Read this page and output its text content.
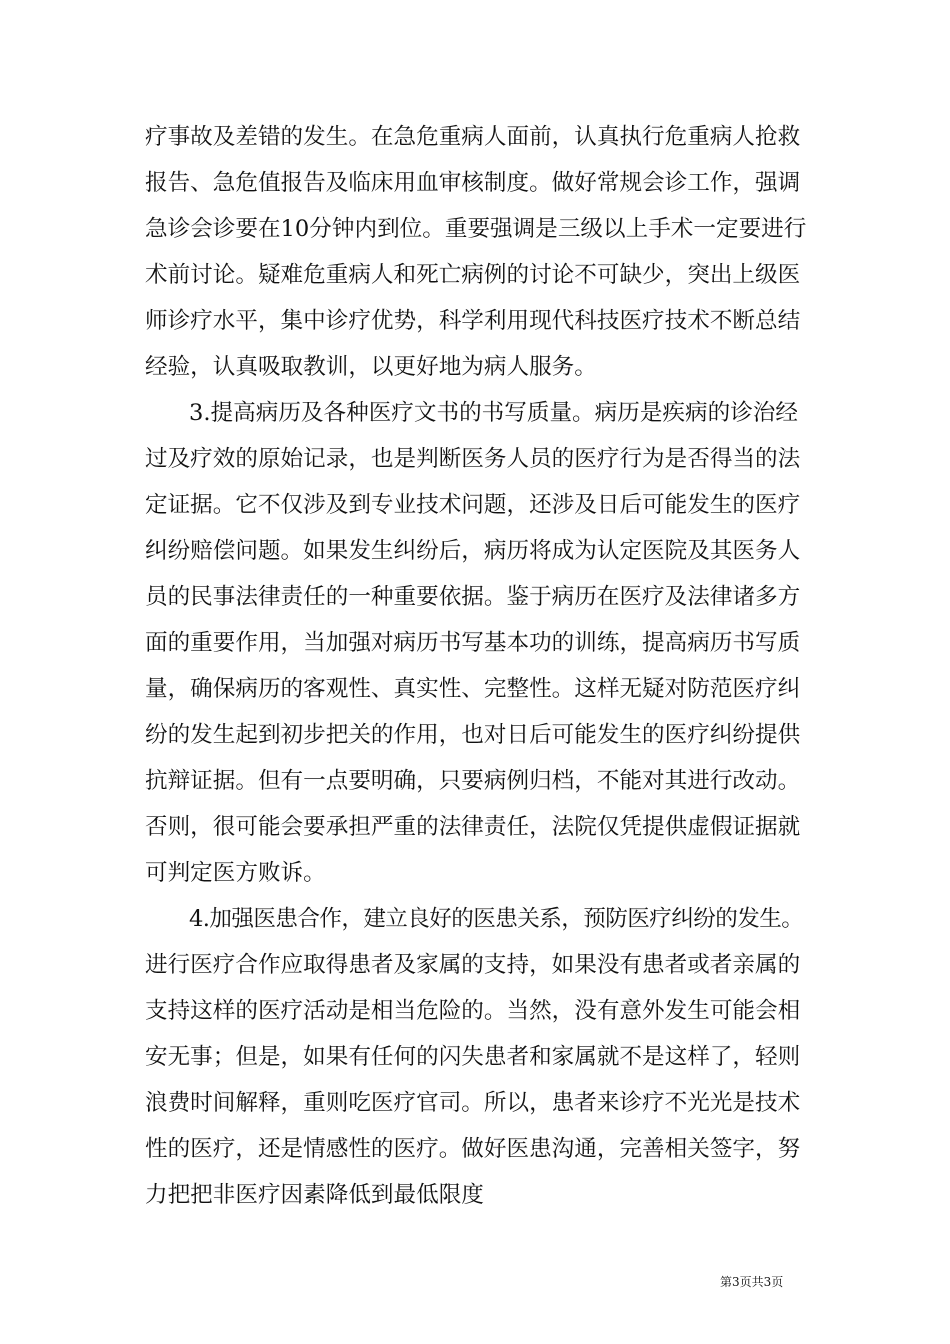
疗事故及差错的发生。在急危重病人面前，认真执行危重病人抢救
报告、急危值报告及临床用血审核制度。做好常规会诊工作，强调
急诊会诊要在10分钟内到位。重要强调是三级以上手术一定要进行
术前讨论。疑难危重病人和死亡病例的讨论不可缺少，突出上级医
师诊疗水平，集中诊疗优势，科学利用现代科技医疗技术不断总结
经验，认真吸取教训，以更好地为病人服务。
3.提高病历及各种医疗文书的书写质量。病历是疾病的诊治经
过及疗效的原始记录，也是判断医务人员的医疗行为是否得当的法
定证据。它不仅涉及到专业技术问题，还涉及日后可能发生的医疗
纠纷赔偿问题。如果发生纠纷后，病历将成为认定医院及其医务人
员的民事法律责任的一种重要依据。鉴于病历在医疗及法律诸多方
面的重要作用，当加强对病历书写基本功的训练，提高病历书写质
量，确保病历的客观性、真实性、完整性。这样无疑对防范医疗纠
纷的发生起到初步把关的作用，也对日后可能发生的医疗纠纷提供
抗辩证据。但有一点要明确，只要病例归档，不能对其进行改动。
否则，很可能会要承担严重的法律责任，法院仅凭提供虚假证据就
可判定医方败诉。
4.加强医患合作，建立良好的医患关系，预防医疗纠纷的发生。
进行医疗合作应取得患者及家属的支持，如果没有患者或者亲属的
支持这样的医疗活动是相当危险的。当然，没有意外发生可能会相
安无事；但是，如果有任何的闪失患者和家属就不是这样了，轻则
浪费时间解释，重则吃医疗官司。所以，患者来诊疗不光光是技术
性的医疗，还是情感性的医疗。做好医患沟通，完善相关签字，努
力把把非医疗因素降低到最低限度
第3页共3页
